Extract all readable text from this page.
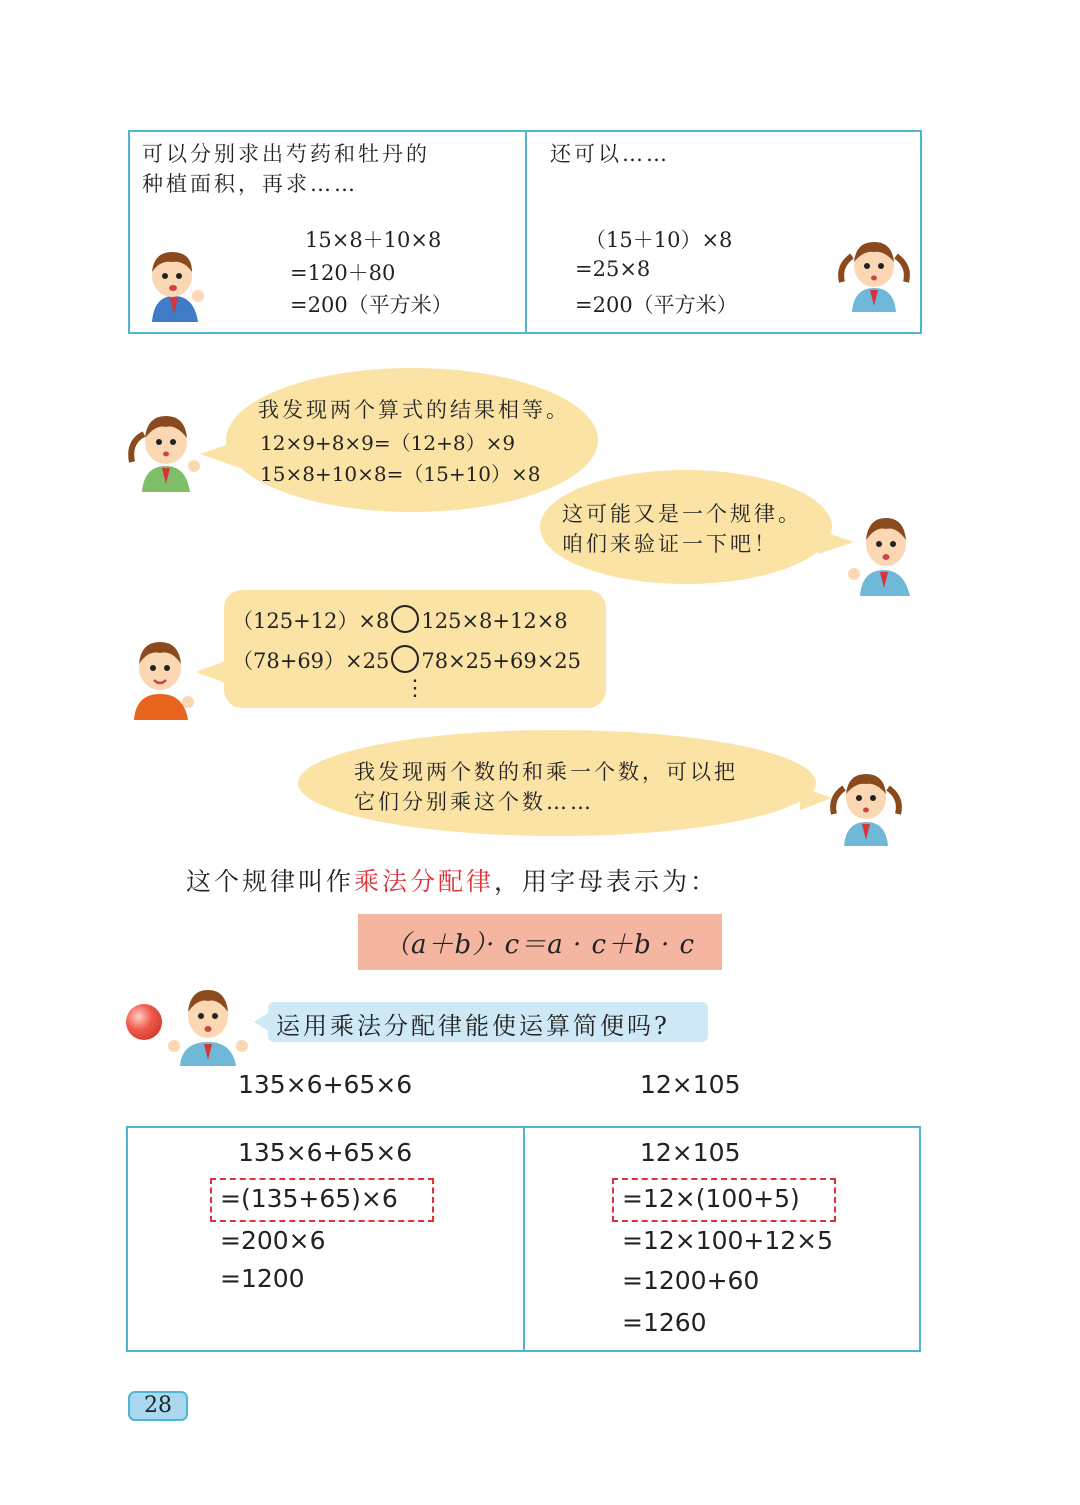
可以分别求出芍药和牡丹的
种植面积，再求……
15×8＋10×8
=120＋80
=200（平方米）
还可以……
（15＋10）×8
=25×8
=200（平方米）
我发现两个算式的结果相等。
12×9+8×9=（12+8）×9
15×8+10×8=（15+10）×8
这可能又是一个规律。
咱们来验证一下吧！
（125+12）×8 125×8+12×8
（78+69）×25 78×25+69×25
⋮
我发现两个数的和乘一个数，可以把
它们分别乘这个数……
这个规律叫作乘法分配律，用字母表示为：
（a＋b）· c＝a · c＋b · c
运用乘法分配律能使运算简便吗?
135×6+65×6	12×105
135×6+65×6
=(135+65)×6
=200×6
=1200
12×105
=12×(100+5)
=12×100+12×5
=1200+60
=1260
28
